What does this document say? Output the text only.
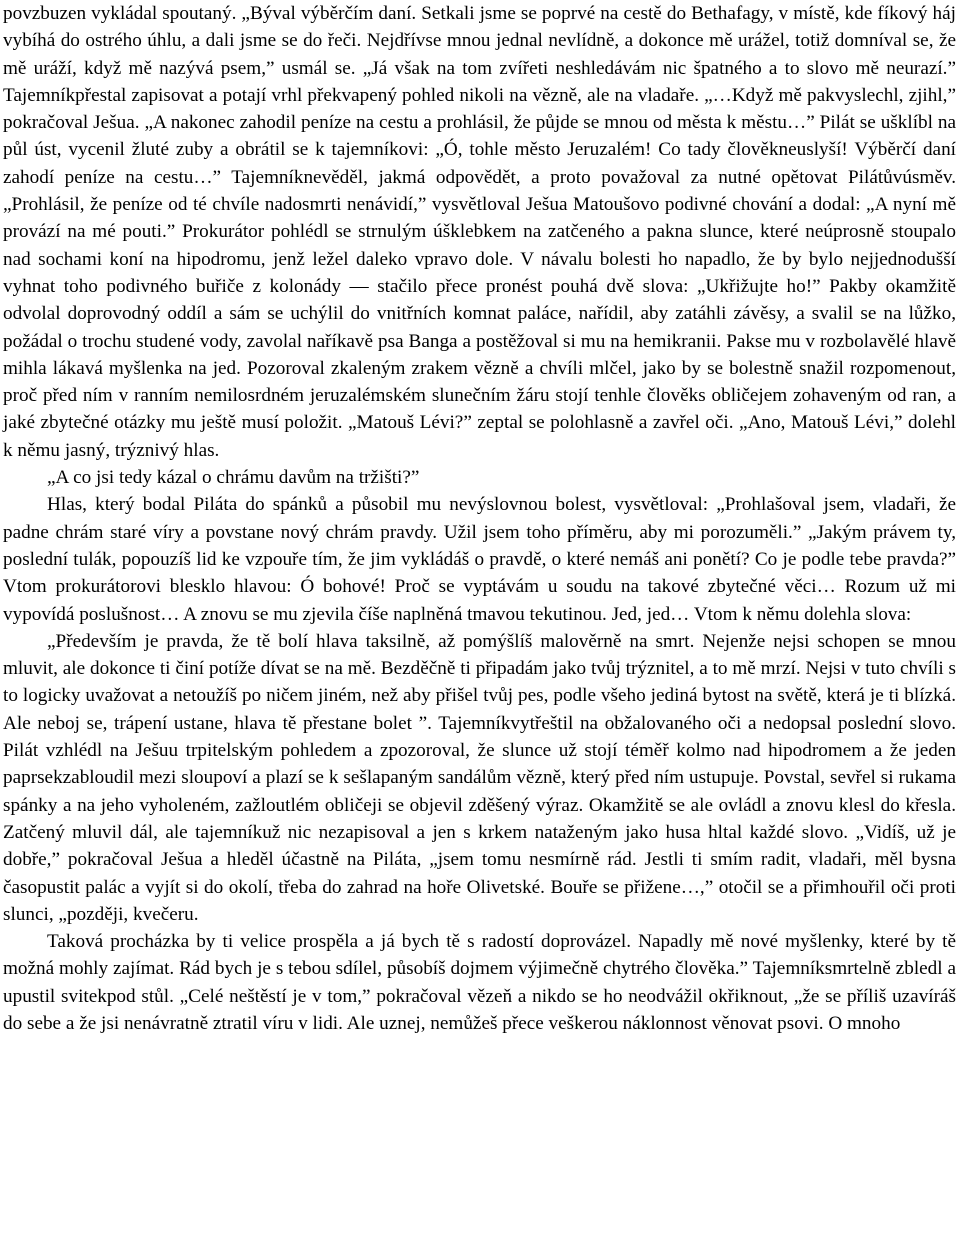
povzbuzen vykládal spoutaný. „Býval výběrčím daní. Setkali jsme se poprvé na cestě do Bethafagy, v místě, kde fíkový háj vybíhá do ostrého úhlu, a dali jsme se do řeči. Nejdřívse mnou jednal nevlídně, a dokonce mě urážel, totiž domníval se, že mě uráží, když mě nazývá psem,” usmál se. „Já však na tom zvířeti neshledávám nic špatného a to slovo mě neurazí.” Tajemníkpřestal zapisovat a potají vrhl překvapený pohled nikoli na vězně, ale na vladaře. „…Když mě pakvyslechl, zjihl,” pokračoval Ješua. „A nakonec zahodil peníze na cestu a prohlásil, že půjde se mnou od města k městu…” Pilát se ušklíbl na půl úst, vycenil žluté zuby a obrátil se k tajemníkovi: „Ó, tohle město Jeruzalém! Co tady člověkneuslyší! Výběrčí daní zahodí peníze na cestu…” Tajemníknevěděl, jakmá odpovědět, a proto považoval za nutné opětovat Pilátůvúsměv. „Prohlásil, že peníze od té chvíle nadosmrti nenávidí,” vysvětloval Ješua Matoušovo podivné chování a dodal: „A nyní mě provází na mé pouti.” Prokurátor pohlédl se strnulým úšklebkem na zatčeného a pakna slunce, které neúprosně stoupalo nad sochami koní na hipodromu, jenž ležel daleko vpravo dole. V návalu bolesti ho napadlo, že by bylo nejjednodušší vyhnat toho podivného buřiče z kolonády — stačilo přece pronést pouhá dvě slova: „Ukřižujte ho!” Pakby okamžitě odvolal doprovodný oddíl a sám se uchýlil do vnitřních komnat paláce, nařídil, aby zatáhli závěsy, a svalil se na lůžko, požádal o trochu studené vody, zavolal naříkavě psa Banga a postěžoval si mu na hemikranii. Pakse mu v rozbolavělé hlavě mihla lákavá myšlenka na jed. Pozoroval zkaleným zrakem vězně a chvíli mlčel, jako by se bolestně snažil rozpomenout, proč před ním v ranním nemilosrdném jeruzalémském slunečním žáru stojí tenhle člověks obličejem zohaveným od ran, a jaké zbytečné otázky mu ještě musí položit. „Matouš Lévi?” zeptal se polohlasně a zavřel oči. „Ano, Matouš Lévi,” dolehl k němu jasný, trýznivý hlas.

„A co jsi tedy kázal o chrámu davům na tržišti?”

Hlas, který bodal Piláta do spánků a působil mu nevýslovnou bolest, vysvětloval: „Prohlašoval jsem, vladaři, že padne chrám staré víry a povstane nový chrám pravdy. Užil jsem toho příměru, aby mi porozuměli.” „Jakým právem ty, poslední tulák, popouzíš lid ke vzpouře tím, že jim vykládáš o pravdě, o které nemáš ani ponětí? Co je podle tebe pravda?” Vtom prokurátorovi blesklo hlavou: Ó bohové! Proč se vyptávám u soudu na takové zbytečné věci… Rozum už mi vypovídá poslušnost… A znovu se mu zjevila číše naplněná tmavou tekutinou. Jed, jed… Vtom k němu dolehla slova:

„Především je pravda, že tě bolí hlava taksilně, až pomýšlíš malověrně na smrt. Nejenže nejsi schopen se mnou mluvit, ale dokonce ti činí potíže dívat se na mě. Bezděčně ti připadám jako tvůj trýznitel, a to mě mrzí. Nejsi v tuto chvíli s to logicky uvažovat a netoužíš po ničem jiném, než aby přišel tvůj pes, podle všeho jediná bytost na světě, která je ti blízká. Ale neboj se, trápení ustane, hlava tě přestane bolet ”. Tajemníkvytřeštil na obžalovaného oči a nedopsal poslední slovo. Pilát vzhlédl na Ješuu trpitelským pohledem a zpozoroval, že slunce už stojí téměř kolmo nad hipodromem a že jeden paprsekzabloudil mezi sloupoví a plazí se k sešlapaným sandálům vězně, který před ním ustupuje. Povstal, sevřel si rukama spánky a na jeho vyholeném, zažloutlém obličeji se objevil zděšený výraz. Okamžitě se ale ovládl a znovu klesl do křesla. Zatčený mluvil dál, ale tajemníkuž nic nezapisoval a jen s krkem nataženým jako husa hltal každé slovo. „Vidíš, už je dobře,” pokračoval Ješua a hleděl účastně na Piláta, „jsem tomu nesmírně rád. Jestli ti smím radit, vladaři, měl bysna časopustit palác a vyjít si do okolí, třeba do zahrad na hoře Olivetské. Bouře se přižene…,” otočil se a přimhouřil oči proti slunci, „později, kvečeru.

Taková procházka by ti velice prospěla a já bych tě s radostí doprovázel. Napadly mě nové myšlenky, které by tě možná mohly zajímat. Rád bych je s tebou sdílel, působíš dojmem výjimečně chytrého člověka.” Tajemníksmrtelně zbledl a upustil svitekpod stůl. „Celé neštěstí je v tom,” pokračoval vězeň a nikdo se ho neodvážil okřiknout, „že se příliš uzavíráš do sebe a že jsi nenávratně ztratil víru v lidi. Ale uznej, nemůžeš přece veškerou náklonnost věnovat psovi. O mnoho
